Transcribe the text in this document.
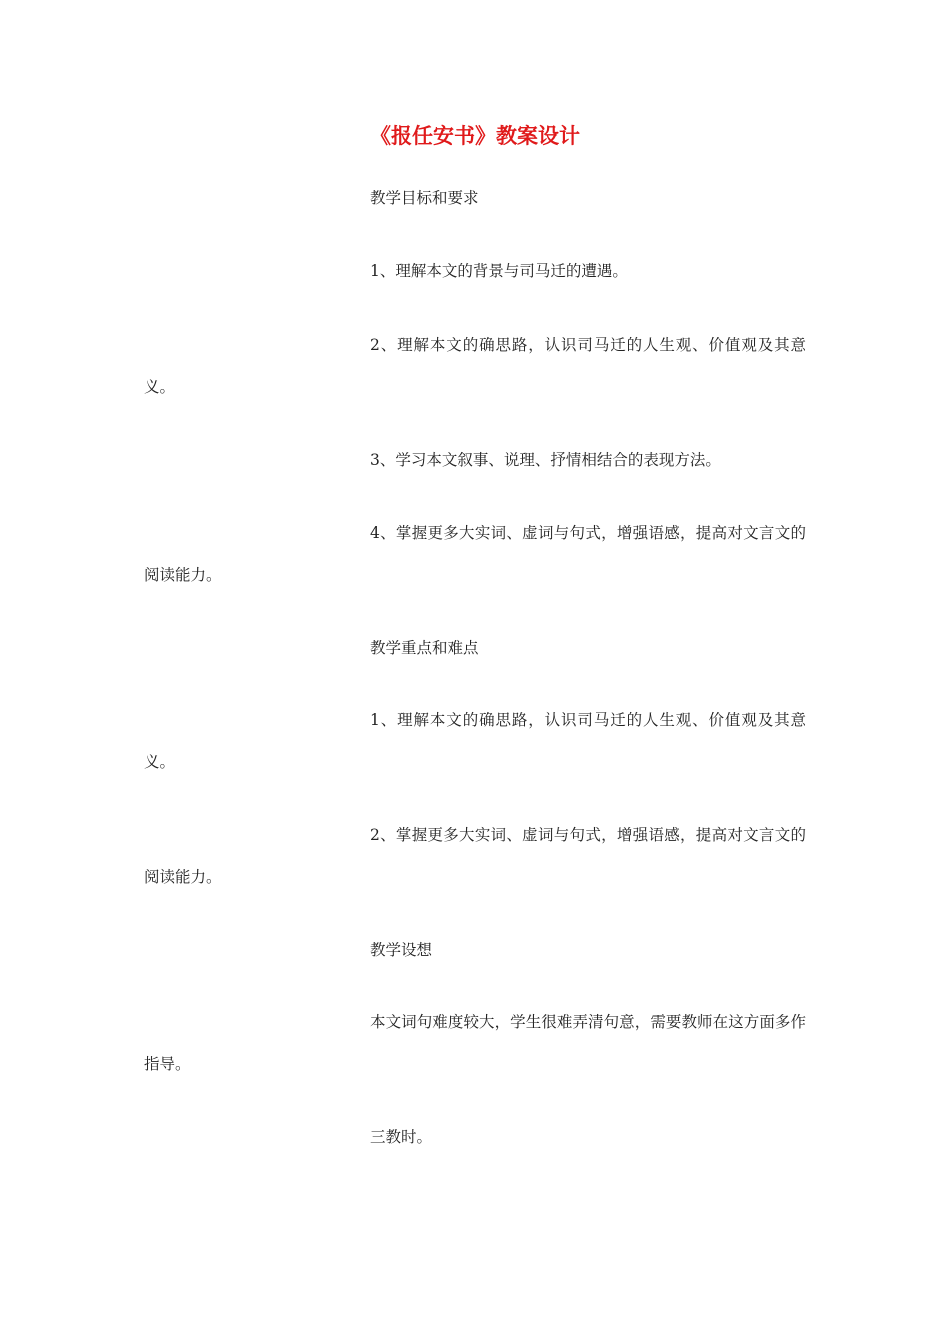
《报任安书》教案设计

教学目标和要求

1、理解本文的背景与司马迁的遭遇。

2、理解本文的确思路，认识司马迁的人生观、价值观及其意义。

3、学习本文叙事、说理、抒情相结合的表现方法。

4、掌握更多大实词、虚词与句式，增强语感，提高对文言文的阅读能力。

教学重点和难点

1、理解本文的确思路，认识司马迁的人生观、价值观及其意义。

2、掌握更多大实词、虚词与句式，增强语感，提高对文言文的阅读能力。

教学设想

本文词句难度较大，学生很难弄清句意，需要教师在这方面多作指导。

三教时。
